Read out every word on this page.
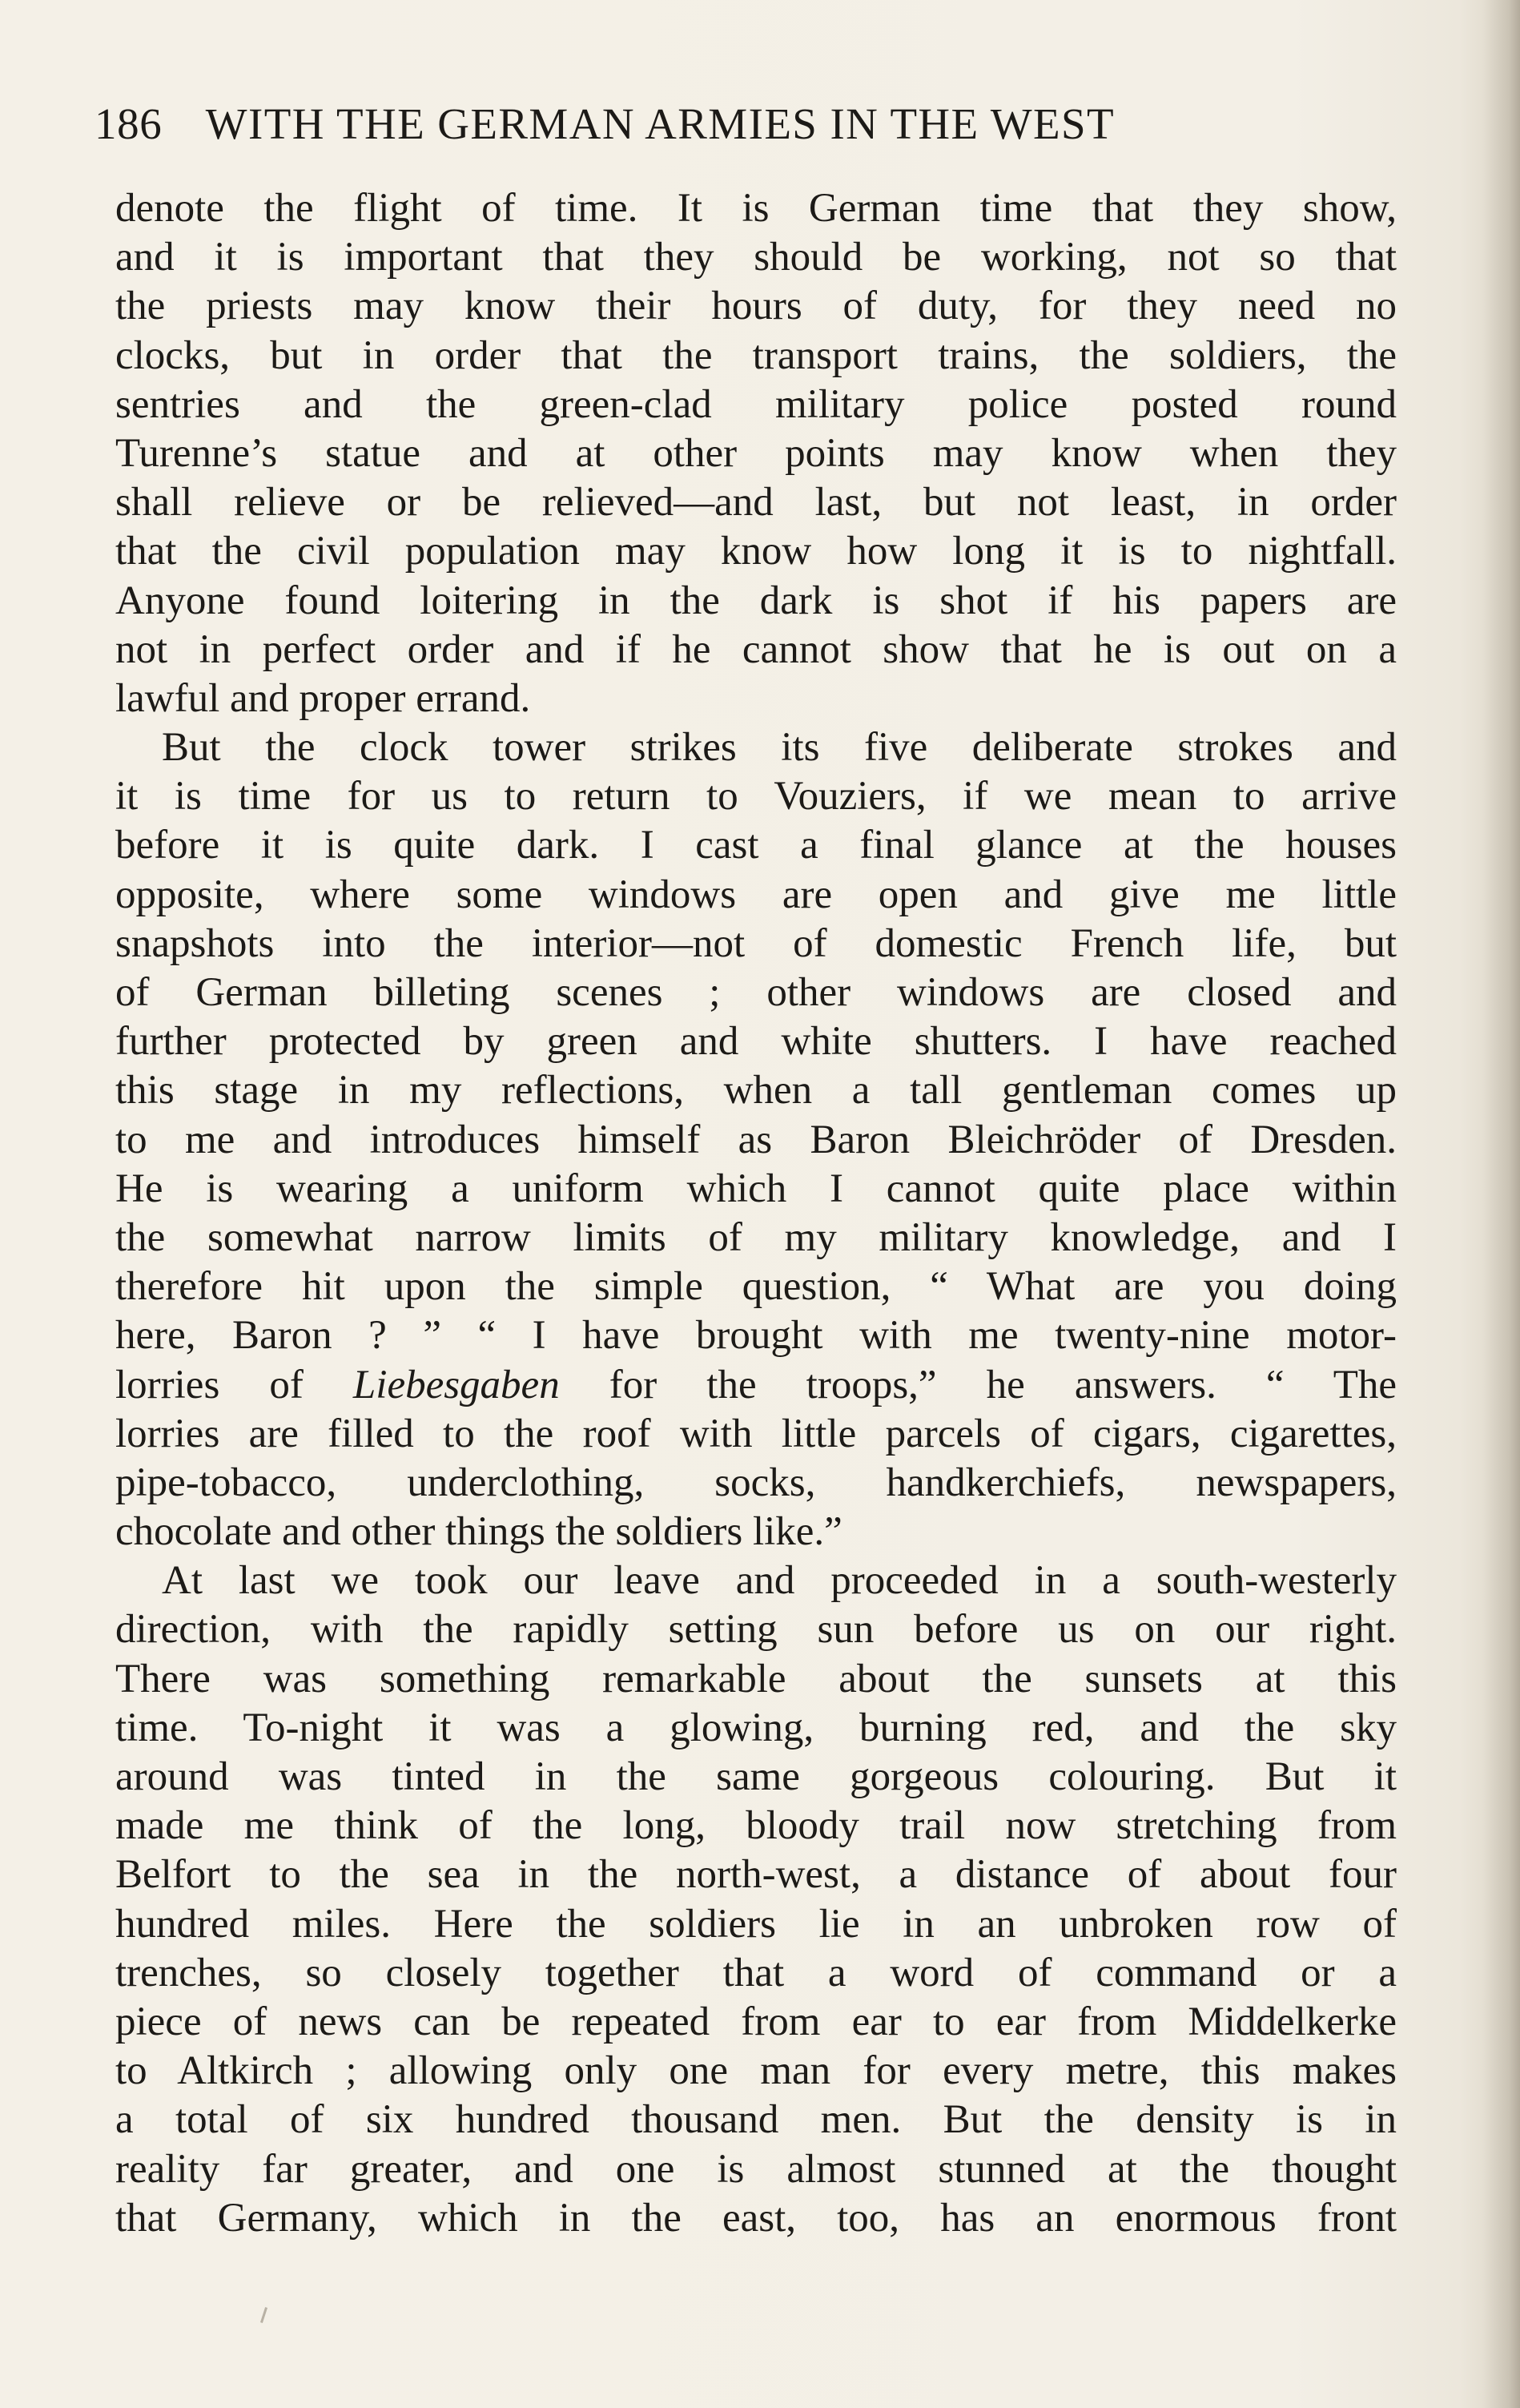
186 WITH THE GERMAN ARMIES IN THE WEST
denote the flight of time. It is German time that they show,
and it is important that they should be working, not so that
the priests may know their hours of duty, for they need no
clocks, but in order that the transport trains, the soldiers, the
sentries and the green-clad military police posted round
Turenne’s statue and at other points may know when they
shall relieve or be relieved—and last, but not least, in order
that the civil population may know how long it is to nightfall.
Anyone found loitering in the dark is shot if his papers are
not in perfect order and if he cannot show that he is out on a
lawful and proper errand.
But the clock tower strikes its five deliberate strokes and
it is time for us to return to Vouziers, if we mean to arrive
before it is quite dark. I cast a final glance at the houses
opposite, where some windows are open and give me little
snapshots into the interior—not of domestic French life, but
of German billeting scenes ; other windows are closed and
further protected by green and white shutters. I have reached
this stage in my reflections, when a tall gentleman comes up
to me and introduces himself as Baron Bleichröder of Dresden.
He is wearing a uniform which I cannot quite place within
the somewhat narrow limits of my military knowledge, and I
therefore hit upon the simple question, “ What are you doing
here, Baron ? ” “ I have brought with me twenty-nine motor-
lorries of Liebesgaben for the troops,” he answers. “ The
lorries are filled to the roof with little parcels of cigars, cigarettes,
pipe-tobacco, underclothing, socks, handkerchiefs, newspapers,
chocolate and other things the soldiers like.”
At last we took our leave and proceeded in a south-westerly
direction, with the rapidly setting sun before us on our right.
There was something remarkable about the sunsets at this
time. To-night it was a glowing, burning red, and the sky
around was tinted in the same gorgeous colouring. But it
made me think of the long, bloody trail now stretching from
Belfort to the sea in the north-west, a distance of about four
hundred miles. Here the soldiers lie in an unbroken row of
trenches, so closely together that a word of command or a
piece of news can be repeated from ear to ear from Middelkerke
to Altkirch ; allowing only one man for every metre, this makes
a total of six hundred thousand men. But the density is in
reality far greater, and one is almost stunned at the thought
that Germany, which in the east, too, has an enormous front
